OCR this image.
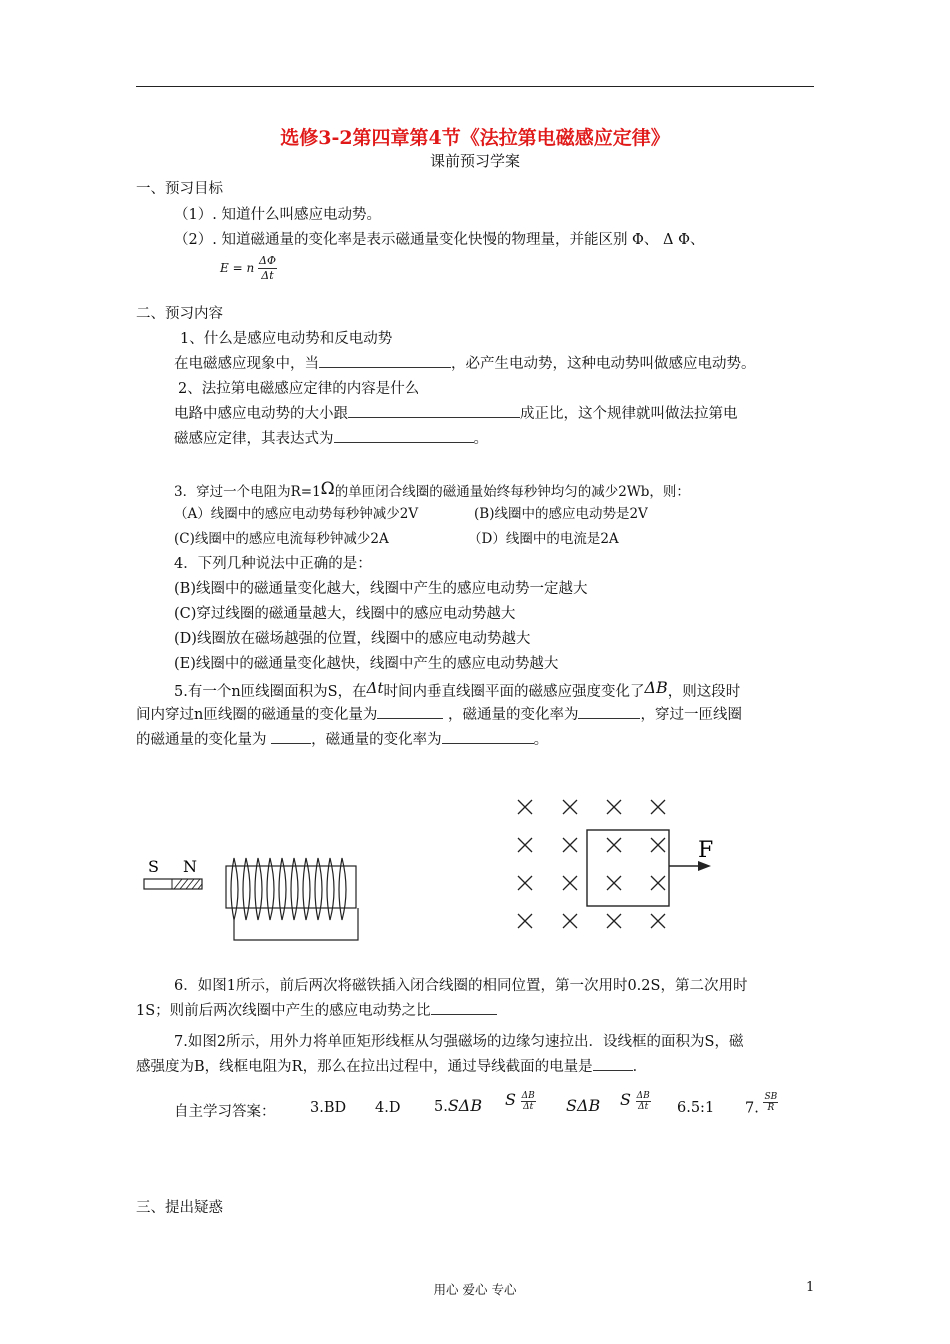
选修3-2第四章第4节《法拉第电磁感应定律》
课前预习学案
一、预习目标
（1）. 知道什么叫感应电动势。
（2）. 知道磁通量的变化率是表示磁通量变化快慢的物理量，并能区别 Φ、 Δ Φ、
E = n $\frac{\Delta\Phi}{\Delta t}$
二、预习内容
1、什么是感应电动势和反电动势
在电磁感应现象中，当	，必产生电动势，这种电动势叫做感应电动势。
2、法拉第电磁感应定律的内容是什么
电路中感应电动势的大小跟	成正比，这个规律就叫做法拉第电
磁感应定律，其表达式为	。
3．穿过一个电阻为R=1Ω的单匝闭合线圈的磁通量始终每秒钟均匀的减少2Wb，则：
（A）线圈中的感应电动势每秒钟减少2V	(B)线圈中的感应电动势是2V
(C)线圈中的感应电流每秒钟减少2A	（D）线圈中的电流是2A
4．下列几种说法中正确的是：
(B)线圈中的磁通量变化越大，线圈中产生的感应电动势一定越大
(C)穿过线圈的磁通量越大，线圈中的感应电动势越大
(D)线圈放在磁场越强的位置，线圈中的感应电动势越大
(E)线圈中的磁通量变化越快，线圈中产生的感应电动势越大
5.有一个n匝线圈面积为S，在Δt时间内垂直线圈平面的磁感应强度变化了ΔB，则这段时
间内穿过n匝线圈的磁通量的变化量为	，磁通量的变化率为	，穿过一匝线圈
的磁通量的变化量为	，磁通量的变化率为	。
S N
F
6．如图1所示，前后两次将磁铁插入闭合线圈的相同位置，第一次用时0.2S，第二次用时
1S；则前后两次线圈中产生的感应电动势之比
7.如图2所示，用外力将单匝矩形线框从匀强磁场的边缘匀速拉出．设线框的面积为S，磁
感强度为B，线框电阻为R，那么在拉出过程中，通过导线截面的电量是	．
自主学习答案： 3.BD 4.D 5.SΔB S $\frac{\Delta B}{\Delta t}$ SΔB S $\frac{\Delta B}{\Delta t}$ 6.5:1 7. $\frac{SB}{R}$
三、提出疑惑
用心 爱心 专心	1
